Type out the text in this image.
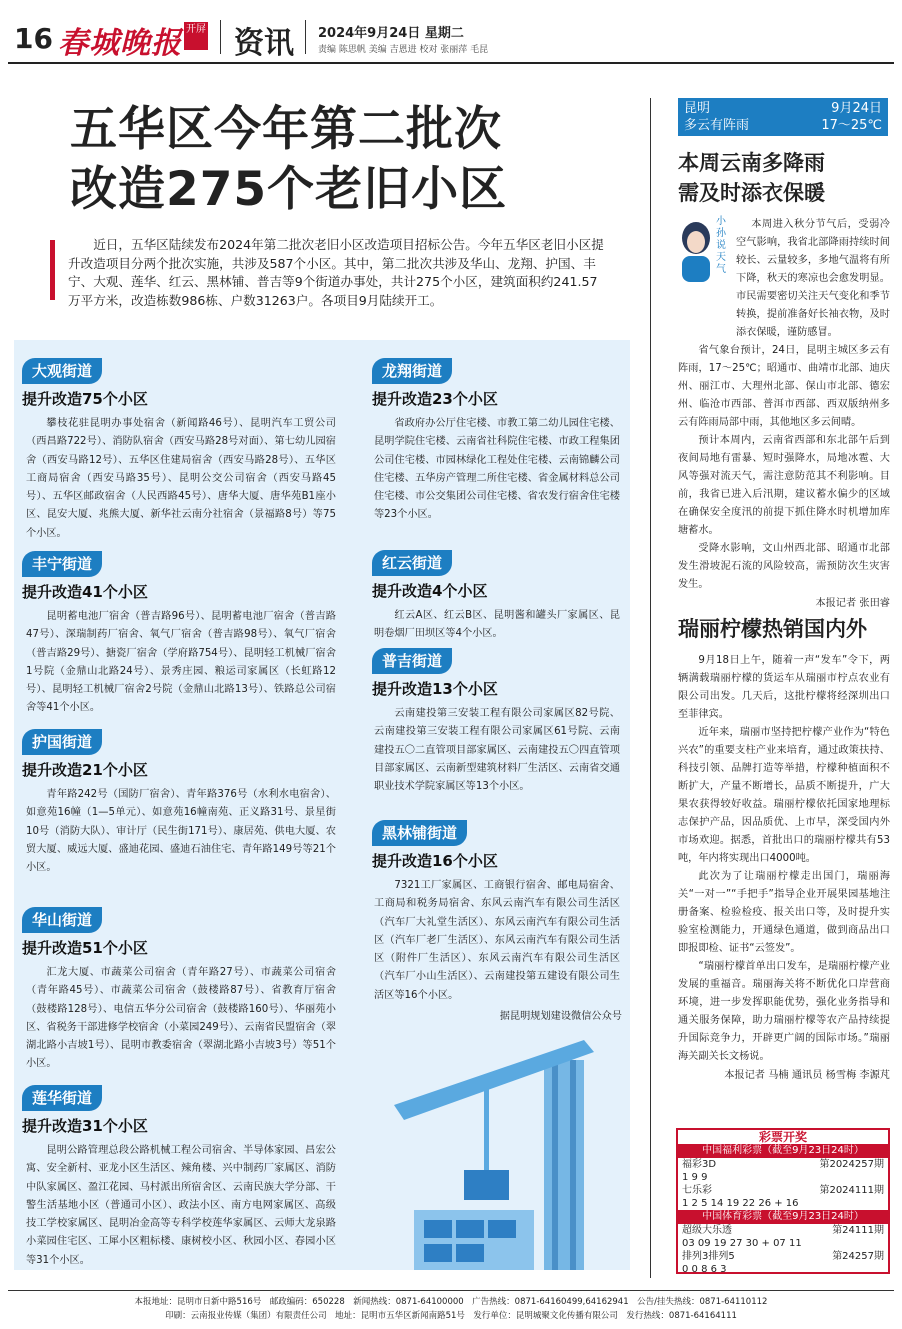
16 春城晚报 开屏 资讯 2024年9月24日 星期二
责编 陈思帆 美编 吉恩进 校对 张丽萍 毛昆
五华区今年第二批次
改造275个老旧小区
近日，五华区陆续发布2024年第二批次老旧小区改造项目招标公告。今年五华区老旧小区提升改造项目分两个批次实施，共涉及587个小区。其中，第二批次共涉及华山、龙翔、护国、丰宁、大观、莲华、红云、黑林铺、普吉等9个街道办事处，共计275个小区，建筑面积约241.57万平方米，改造栋数986栋、户数31263户。各项目9月陆续开工。
大观街道
提升改造75个小区
攀枝花驻昆明办事处宿舍（新闻路46号）、昆明汽车工贸公司（西昌路722号）、消防队宿舍（西安马路28号对面）、第七幼儿园宿舍（西安马路12号）、五华区住建局宿舍（西安马路28号）、五华区工商局宿舍（西安马路35号）、昆明公交公司宿舍（西安马路45号）、五华区邮政宿舍（人民西路45号）、唐华大厦、唐华苑B1座小区、昆安大厦、兆熊大厦、新华社云南分社宿舍（景福路8号）等75个小区。
丰宁街道
提升改造41个小区
昆明蓄电池厂宿舍（普吉路96号）、昆明蓄电池厂宿舍（普吉路47号）、深瑞制药厂宿舍、氧气厂宿舍（普吉路98号）、氧气厂宿舍（普吉路29号）、搪瓷厂宿舍（学府路754号）、昆明轻工机械厂宿舍1号院（金鼎山北路24号）、景秀庄园、粮运司家属区（长虹路12号）、昆明轻工机械厂宿舍2号院（金鼎山北路13号）、铁路总公司宿舍等41个小区。
护国街道
提升改造21个小区
青年路242号（国防厂宿舍）、青年路376号（水利水电宿舍）、如意苑16幢（1—5单元）、如意苑16幢南苑、正义路31号、景星街10号（消防大队）、审计厅（民生街171号）、康居苑、供电大厦、农贸大厦、威远大厦、盛迪花园、盛迪石油住宅、青年路149号等21个小区。
华山街道
提升改造51个小区
汇龙大厦、市蔬菜公司宿舍（青年路27号）、市蔬菜公司宿舍（青年路45号）、市蔬菜公司宿舍（鼓楼路87号）、省教育厅宿舍（鼓楼路128号）、电信五华分公司宿舍（鼓楼路160号）、华丽苑小区、省税务干部进修学校宿舍（小菜园249号）、云南省民盟宿舍（翠湖北路小吉坡1号）、昆明市教委宿舍（翠湖北路小吉坡3号）等51个小区。
莲华街道
提升改造31个小区
昆明公路管理总段公路机械工程公司宿舍、半导体家园、昌宏公寓、安全新村、亚龙小区生活区、辣角楼、兴中制药厂家属区、消防中队家属区、盈江花园、马村派出所宿舍区、云南民族大学分部、干警生活基地小区（普通司小区）、政法小区、南方电网家属区、高级技工学校家属区、昆明冶金高等专科学校莲华家属区、云师大龙泉路小菜园住宅区、工犀小区粗标楼、康树校小区、秋园小区、春园小区等31个小区。
龙翔街道
提升改造23个小区
省政府办公厅住宅楼、市教工第二幼儿园住宅楼、昆明学院住宅楼、云南省社科院住宅楼、市政工程集团公司住宅楼、市园林绿化工程处住宅楼、云南锦麟公司住宅楼、五华房产管理二所住宅楼、省金属材料总公司住宅楼、市公交集团公司住宅楼、省农发行宿舍住宅楼等23个小区。
红云街道
提升改造4个小区
红云A区、红云B区、昆明酱和罐头厂家属区、昆明卷烟厂田坝区等4个小区。
普吉街道
提升改造13个小区
云南建投第三安装工程有限公司家属区82号院、云南建投第三安装工程有限公司家属区61号院、云南建投五〇二直管项目部家属区、云南建投五〇四直管项目部家属区、云南新型建筑材料厂生活区、云南省交通职业技术学院家属区等13个小区。
黑林铺街道
提升改造16个小区
7321工厂家属区、工商银行宿舍、邮电局宿舍、工商局和税务局宿舍、东风云南汽车有限公司生活区（汽车厂大礼堂生活区）、东风云南汽车有限公司生活区（汽车厂老厂生活区）、东风云南汽车有限公司生活区（附件厂生活区）、东风云南汽车有限公司生活区（汽车厂小山生活区）、云南建投第五建设有限公司生活区等16个小区。
据昆明规划建设微信公众号
昆明	9月24日
多云有阵雨	17～25℃
本周云南多降雨
需及时添衣保暖
小孙说天气
本周进入秋分节气后，受弱冷空气影响，我省北部降雨持续时间较长、云量较多，多地气温将有所下降，秋天的寒凉也会愈发明显。市民需要密切关注天气变化和季节转换，提前准备好长袖衣物，及时添衣保暖，谨防感冒。
省气象台预计，24日，昆明主城区多云有阵雨，17～25℃；昭通市、曲靖市北部、迪庆州、丽江市、大理州北部、保山市北部、德宏州、临沧市西部、普洱市西部、西双版纳州多云有阵雨局部中雨，其他地区多云间晴。
预计本周内，云南省西部和东北部午后到夜间局地有雷暴、短时强降水，局地冰雹、大风等强对流天气，需注意防范其不利影响。目前，我省已进入后汛期，建议蓄水偏少的区域在确保安全度汛的前提下抓住降水时机增加库塘蓄水。
受降水影响，文山州西北部、昭通市北部发生滑坡泥石流的风险较高，需预防次生灾害发生。
本报记者 张田睿
瑞丽柠檬热销国内外
9月18日上午，随着一声“发车”令下，两辆满载瑞丽柠檬的货运车从瑞丽市柠点农业有限公司出发。几天后，这批柠檬将经深圳出口至菲律宾。
近年来，瑞丽市坚持把柠檬产业作为“特色兴农”的重要支柱产业来培育，通过政策扶持、科技引领、品牌打造等举措，柠檬种植面积不断扩大，产量不断增长，品质不断提升，广大果农获得较好收益。瑞丽柠檬依托国家地理标志保护产品，因品质优、上市早，深受国内外市场欢迎。据悉，首批出口的瑞丽柠檬共有53吨，年内将实现出口4000吨。
此次为了让瑞丽柠檬走出国门，瑞丽海关“一对一”“手把手”指导企业开展果园基地注册备案、检验检疫、报关出口等，及时提升实验室检测能力，开通绿色通道，做到商品出口即报即检、证书“云签发”。
“瑞丽柠檬首单出口发车，是瑞丽柠檬产业发展的重福音。瑞丽海关将不断优化口岸营商环境，进一步发挥职能优势，强化业务指导和通关服务保障，助力瑞丽柠檬等农产品持续提升国际竞争力，开辟更广阔的国际市场。”瑞丽海关副关长文杨说。
本报记者 马楠 通讯员 杨雪梅 李源芃
彩票开奖
中国福利彩票（截至9月23日24时）
福彩3D	第2024257期
1 9 9
七乐彩	第2024111期
1 2 5 14 19 22 26 + 16
中国体育彩票（截至9月23日24时）
超级大乐透	第24111期
03 09 19 27 30 + 07 11
排列3排列5	第24257期
0 0 8 6 3
本报地址：昆明市日新中路516号　邮政编码：650228　新闻热线：0871-64100000　广告热线：0871-64160499,64162941　公告/挂失热线：0871-64110112
印刷：云南报业传媒（集团）有限责任公司　地址：昆明市五华区新闻南路51号　发行单位：昆明城聚文化传播有限公司　发行热线：0871-64164111
